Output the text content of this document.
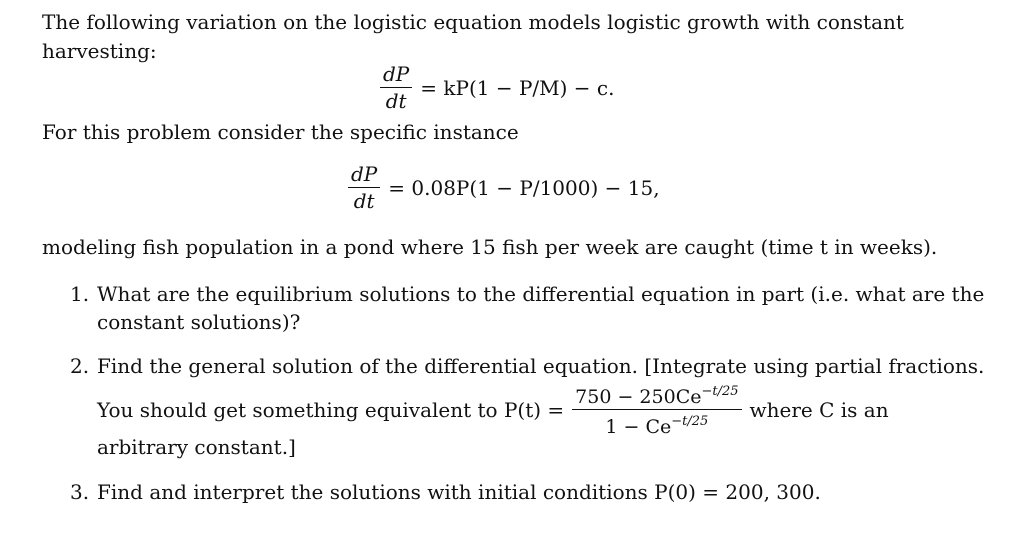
The following variation on the logistic equation models logistic growth with constant
harvesting:
$\frac{dP}{dt} = kP(1 - P/M) - c$.
For this problem consider the specific instance
$\frac{dP}{dt} = 0.08P(1 - P/1000) - 15$,
modeling fish population in a pond where 15 fish per week are caught (time t in weeks).
1. What are the equilibrium solutions to the differential equation in part (i.e. what are the
constant solutions)?
2. Find the general solution of the differential equation. [Integrate using partial fractions.
You should get something equivalent to $P(t) = \frac{750 - 250Ce^{-t/25}}{1 - Ce^{-t/25}}$ where C is an
arbitrary constant.]
3. Find and interpret the solutions with initial conditions P(0) = 200, 300.
